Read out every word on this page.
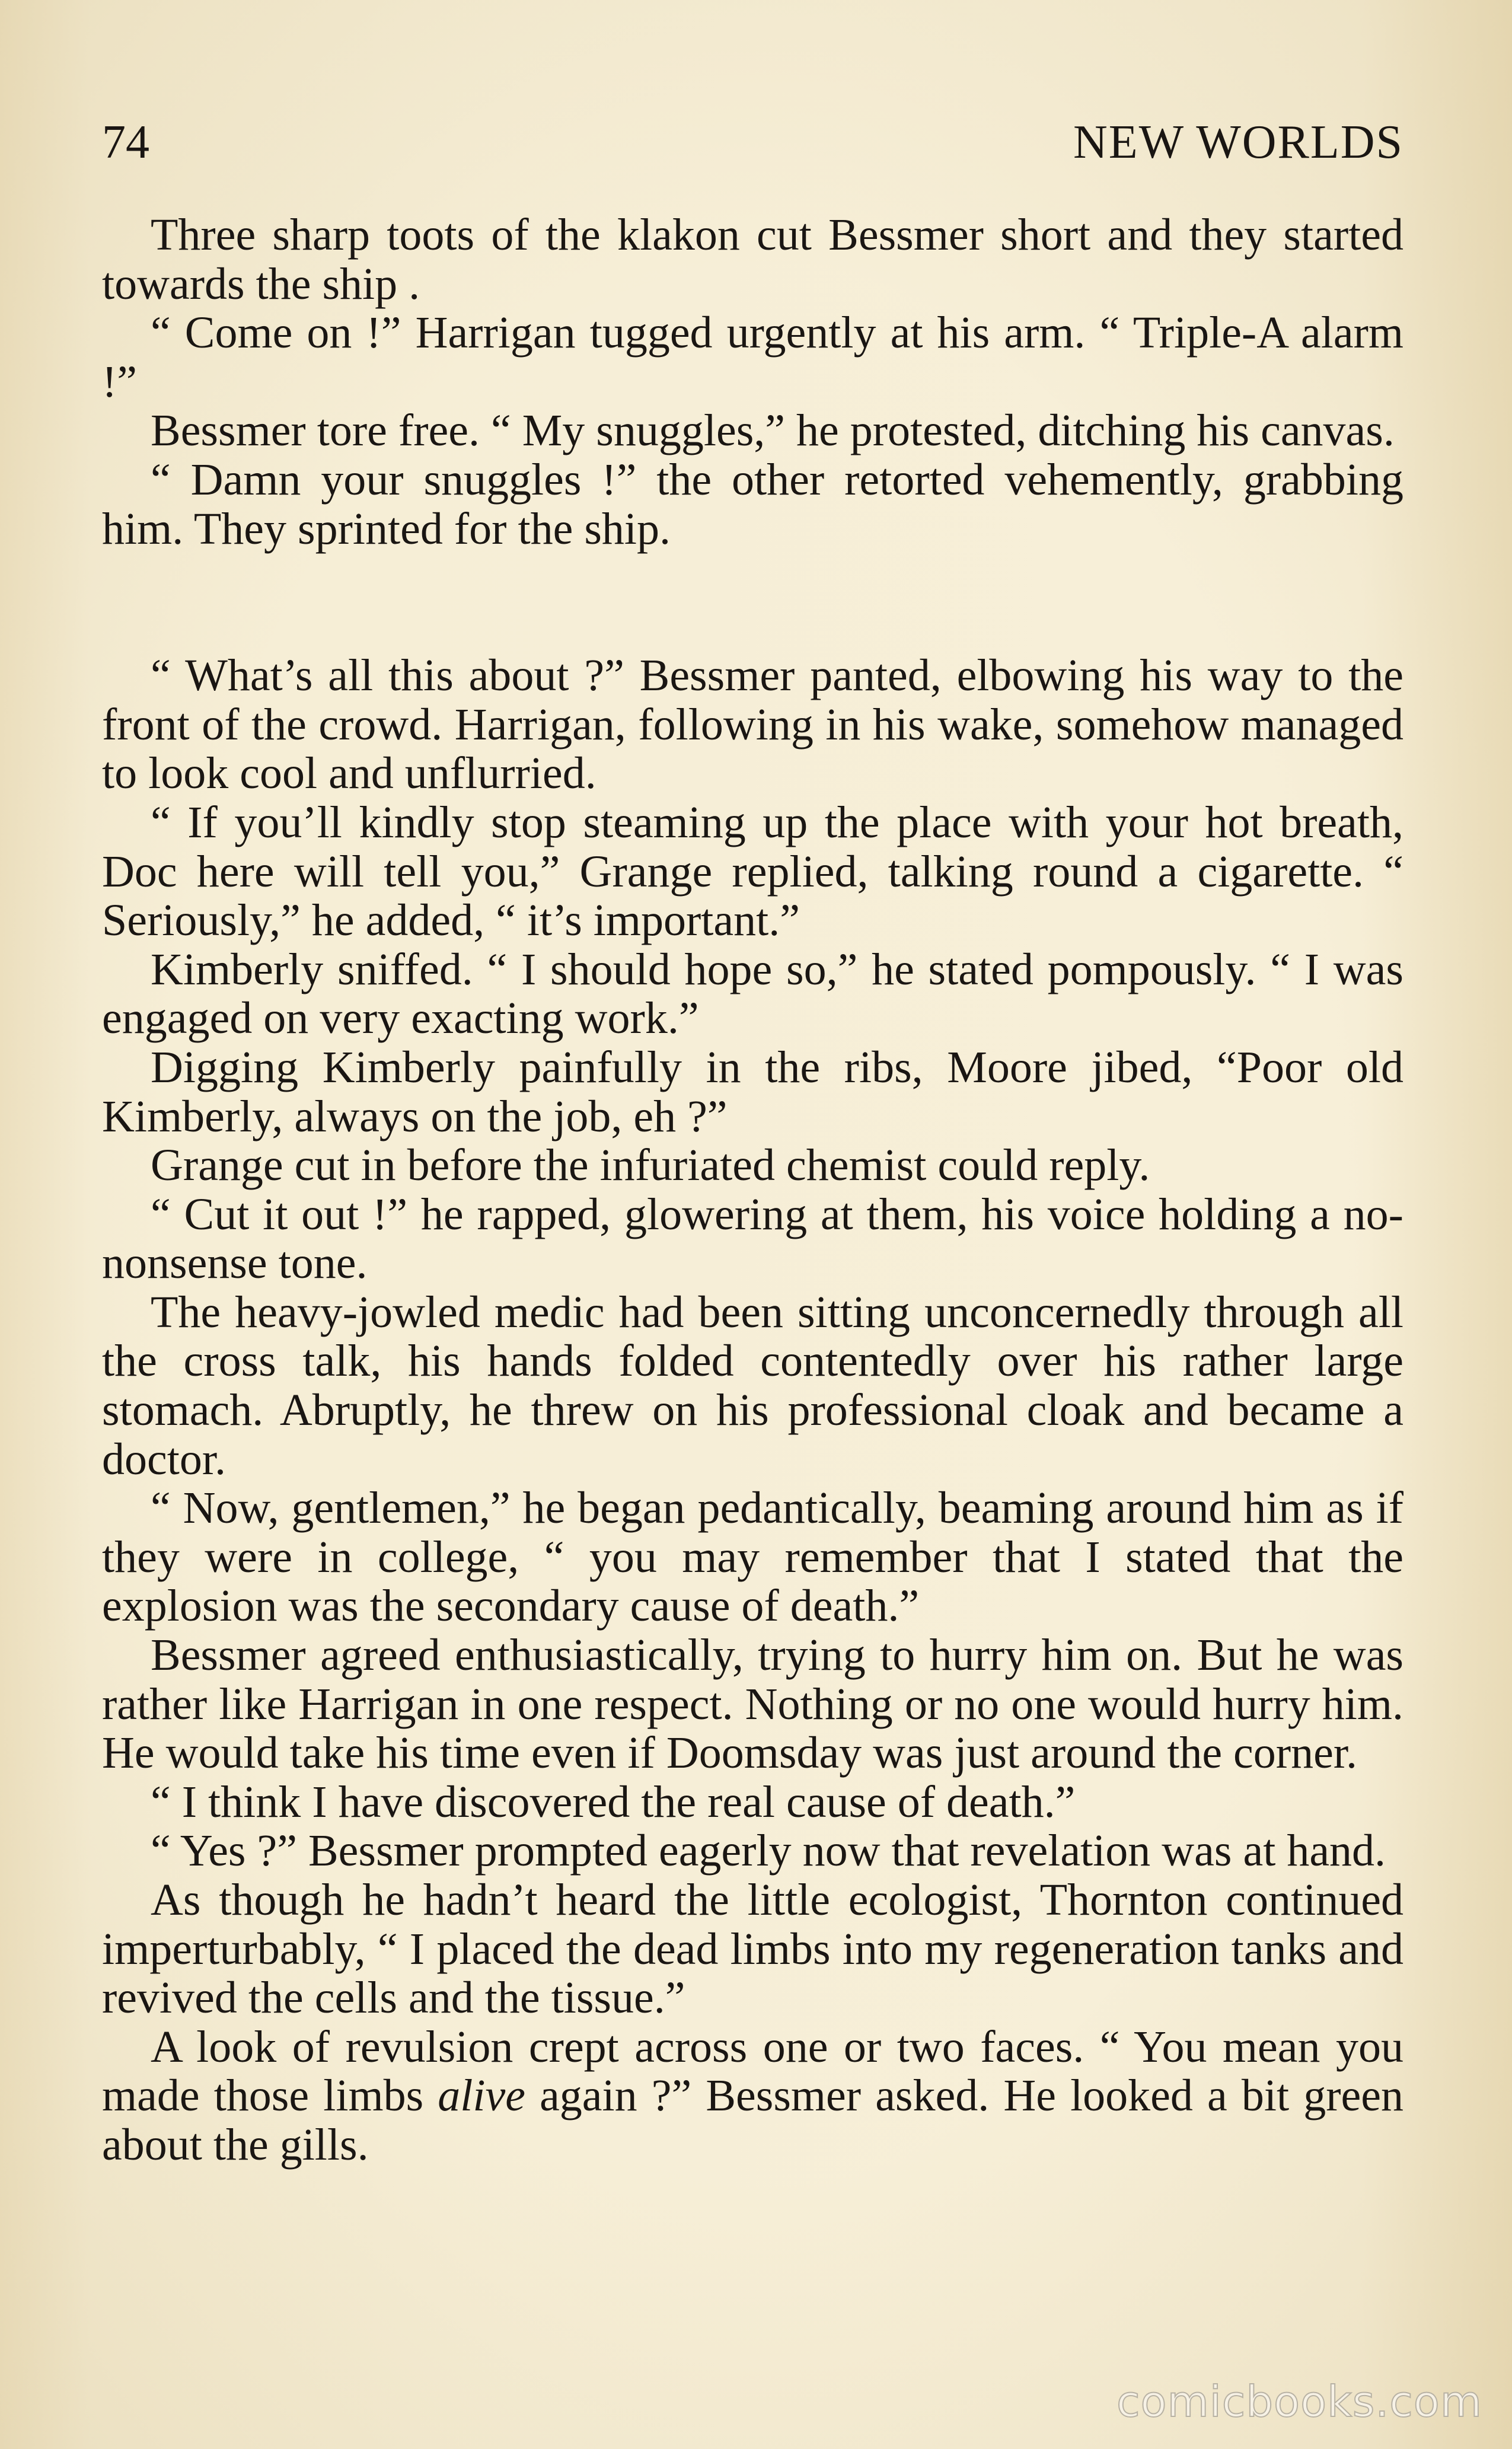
74	NEW WORLDS

Three sharp toots of the klakon cut Bessmer short and they started towards the ship .

“ Come on !” Harrigan tugged urgently at his arm. “ Triple-A alarm !”

Bessmer tore free. “ My snuggles,” he protested, ditching his canvas.

“ Damn your snuggles !” the other retorted vehemently, grabbing him. They sprinted for the ship.

“ What’s all this about ?” Bessmer panted, elbowing his way to the front of the crowd. Harrigan, following in his wake, somehow managed to look cool and unflurried.

“ If you’ll kindly stop steaming up the place with your hot breath, Doc here will tell you,” Grange replied, talking round a cigarette. “ Seriously,” he added, “ it’s important.”

Kimberly sniffed. “ I should hope so,” he stated pompously. “ I was engaged on very exacting work.”

Digging Kimberly painfully in the ribs, Moore jibed, “Poor old Kimberly, always on the job, eh ?”

Grange cut in before the infuriated chemist could reply.

“ Cut it out !” he rapped, glowering at them, his voice holding a no-nonsense tone.

The heavy-jowled medic had been sitting unconcernedly through all the cross talk, his hands folded contentedly over his rather large stomach. Abruptly, he threw on his professional cloak and became a doctor.

“ Now, gentlemen,” he began pedantically, beaming around him as if they were in college, “ you may remember that I stated that the explosion was the secondary cause of death.”

Bessmer agreed enthusiastically, trying to hurry him on. But he was rather like Harrigan in one respect. Nothing or no one would hurry him. He would take his time even if Doomsday was just around the corner.

“ I think I have discovered the real cause of death.”

“ Yes ?” Bessmer prompted eagerly now that revelation was at hand.

As though he hadn’t heard the little ecologist, Thornton continued imperturbably, “ I placed the dead limbs into my regeneration tanks and revived the cells and the tissue.”

A look of revulsion crept across one or two faces. “ You mean you made those limbs alive again ?” Bessmer asked. He looked a bit green about the gills.

comicbooks.com
